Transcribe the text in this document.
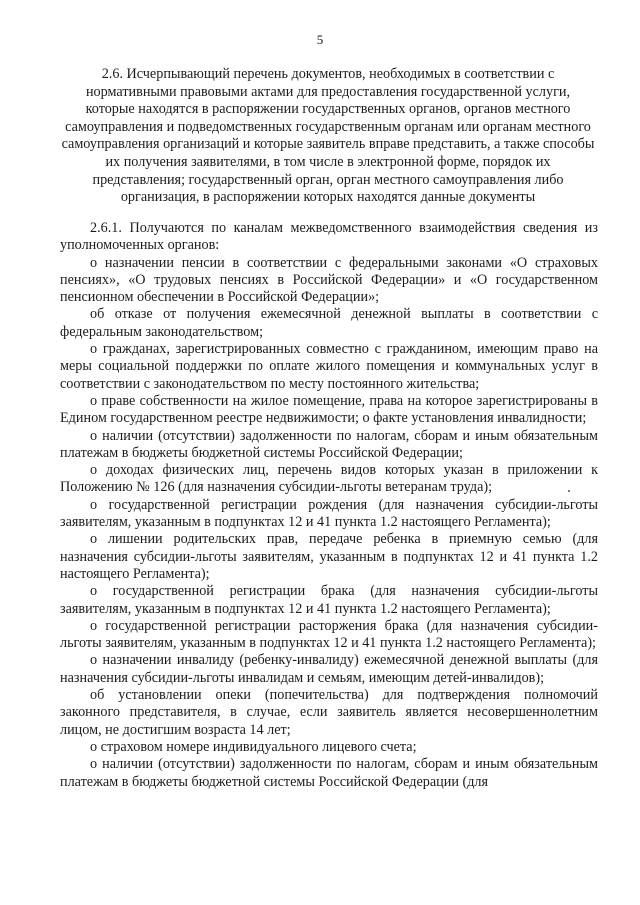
5
2.6. Исчерпывающий перечень документов, необходимых в соответствии с нормативными правовыми актами для предоставления государственной услуги, которые находятся в распоряжении государственных органов, органов местного самоуправления и подведомственных государственным органам или органам местного самоуправления организаций и которые заявитель вправе представить, а также способы их получения заявителями, в том числе в электронной форме, порядок их представления; государственный орган, орган местного самоуправления либо организация, в распоряжении которых находятся данные документы

2.6.1. Получаются по каналам межведомственного взаимодействия сведения из уполномоченных органов:

о назначении пенсии в соответствии с федеральными законами «О страховых пенсиях», «О трудовых пенсиях в Российской Федерации» и «О государственном пенсионном обеспечении в Российской Федерации»;

об отказе от получения ежемесячной денежной выплаты в соответствии с федеральным законодательством;

о гражданах, зарегистрированных совместно с гражданином, имеющим право на меры социальной поддержки по оплате жилого помещения и коммунальных услуг в соответствии с законодательством по месту постоянного жительства;

о праве собственности на жилое помещение, права на которое зарегистрированы в Едином государственном реестре недвижимости; о факте установления инвалидности;

о наличии (отсутствии) задолженности по налогам, сборам и иным обязательным платежам в бюджеты бюджетной системы Российской Федерации;

о доходах физических лиц, перечень видов которых указан в приложении к Положению № 126 (для назначения субсидии-льготы ветеранам труда);

о государственной регистрации рождения (для назначения субсидии-льготы заявителям, указанным в подпунктах 12 и 41 пункта 1.2 настоящего Регламента);

о лишении родительских прав, передаче ребенка в приемную семью (для назначения субсидии-льготы заявителям, указанным в подпунктах 12 и 41 пункта 1.2 настоящего Регламента);

о государственной регистрации брака (для назначения субсидии-льготы заявителям, указанным в подпунктах 12 и 41 пункта 1.2 настоящего Регламента);

о государственной регистрации расторжения брака (для назначения субсидии-льготы заявителям, указанным в подпунктах 12 и 41 пункта 1.2 настоящего Регламента);

о назначении инвалиду (ребенку-инвалиду) ежемесячной денежной выплаты (для назначения субсидии-льготы инвалидам и семьям, имеющим детей-инвалидов);

об установлении опеки (попечительства) для подтверждения полномочий законного представителя, в случае, если заявитель является несовершеннолетним лицом, не достигшим возраста 14 лет;

о страховом номере индивидуального лицевого счета;

о наличии (отсутствии) задолженности по налогам, сборам и иным обязательным платежам в бюджеты бюджетной системы Российской Федерации (для
